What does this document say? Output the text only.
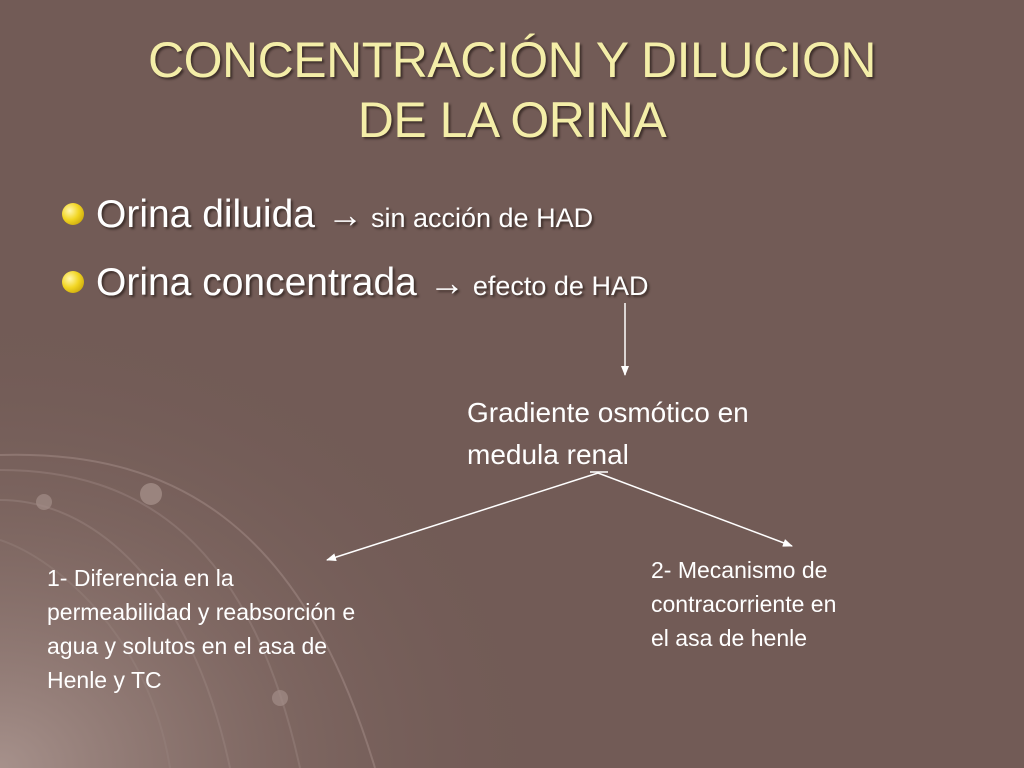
CONCENTRACIÓN Y DILUCION
DE LA ORINA
Orina diluida → sin acción de HAD
Orina concentrada → efecto de HAD
Gradiente osmótico en
medula renal
1- Diferencia en la
permeabilidad y reabsorción e
agua y solutos en el asa de
Henle y TC
2- Mecanismo de
contracorriente en
el asa de henle
